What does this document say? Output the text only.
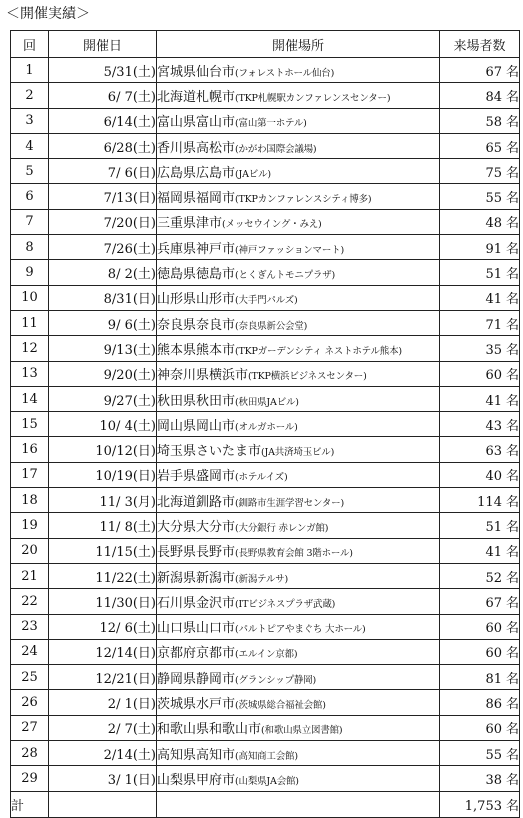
＜開催実績＞
回	開催日	開催場所	来場者数
1	5/31(土)	宮城県仙台市(フォレストホール仙台)	67 名
2	6/ 7(土)	北海道札幌市(TKP札幌駅カンファレンスセンター)	84 名
3	6/14(土)	富山県富山市(富山第一ホテル)	58 名
4	6/28(土)	香川県高松市(かがわ国際会議場)	65 名
5	7/ 6(日)	広島県広島市(JAビル)	75 名
6	7/13(日)	福岡県福岡市(TKPカンファレンスシティ博多)	55 名
7	7/20(日)	三重県津市(メッセウイング・みえ)	48 名
8	7/26(土)	兵庫県神戸市(神戸ファッションマート)	91 名
9	8/ 2(土)	徳島県徳島市(とくぎんトモニプラザ)	51 名
10	8/31(日)	山形県山形市(大手門パルズ)	41 名
11	9/ 6(土)	奈良県奈良市(奈良県新公会堂)	71 名
12	9/13(土)	熊本県熊本市(TKPガーデンシティ ネストホテル熊本)	35 名
13	9/20(土)	神奈川県横浜市(TKP横浜ビジネスセンター)	60 名
14	9/27(土)	秋田県秋田市(秋田県JAビル)	41 名
15	10/ 4(土)	岡山県岡山市(オルガホール)	43 名
16	10/12(日)	埼玉県さいたま市(JA共済埼玉ビル)	63 名
17	10/19(日)	岩手県盛岡市(ホテルイズ)	40 名
18	11/ 3(月)	北海道釧路市(釧路市生涯学習センター)	114 名
19	11/ 8(土)	大分県大分市(大分銀行 赤レンガ館)	51 名
20	11/15(土)	長野県長野市(長野県教育会館 3階ホール)	41 名
21	11/22(土)	新潟県新潟市(新潟テルサ)	52 名
22	11/30(日)	石川県金沢市(ITビジネスプラザ武蔵)	67 名
23	12/ 6(土)	山口県山口市(パルトピアやまぐち 大ホール)	60 名
24	12/14(日)	京都府京都市(エルイン京都)	60 名
25	12/21(日)	静岡県静岡市(グランシップ静岡)	81 名
26	2/ 1(日)	茨城県水戸市(茨城県総合福祉会館)	86 名
27	2/ 7(土)	和歌山県和歌山市(和歌山県立図書館)	60 名
28	2/14(土)	高知県高知市(高知商工会館)	55 名
29	3/ 1(日)	山梨県甲府市(山梨県JA会館)	38 名
計			1,753 名
